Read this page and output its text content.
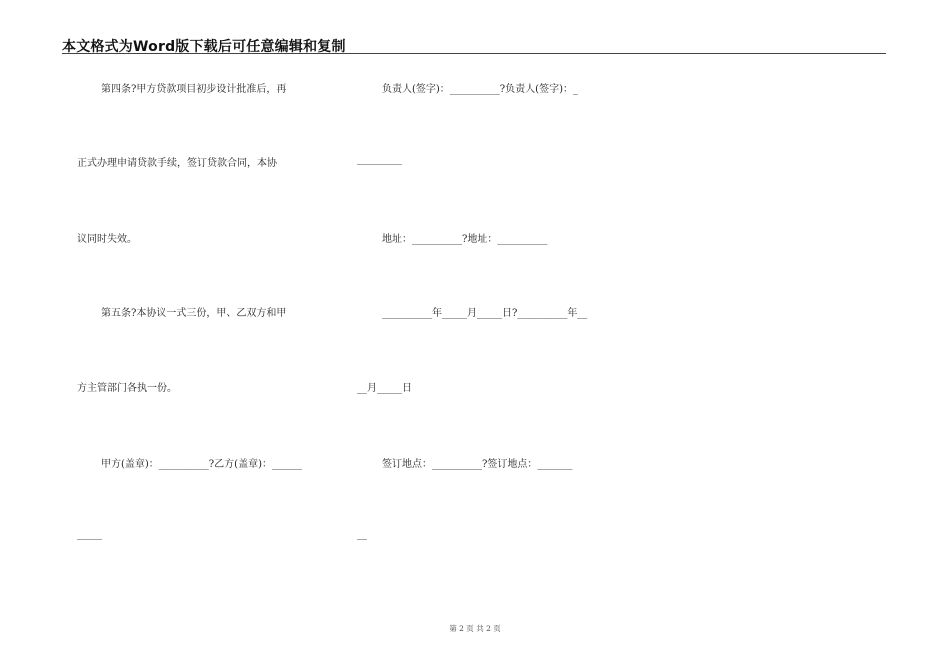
本文格式为Word版下载后可任意编辑和复制
第四条?甲方贷款项目初步设计批准后，再
正式办理申请贷款手续，签订贷款合同，本协
议同时失效。
第五条?本协议一式三份，甲、乙双方和甲
方主管部门各执一份。
甲方(盖章)：__________?乙方(盖章)：______
_____
负责人(签字)：__________?负责人(签字)：_
_________
地址：__________?地址：__________
__________年_____月_____日?__________年__
__月_____日
签订地点：__________?签订地点：_______
__
第 2 页 共 2 页
